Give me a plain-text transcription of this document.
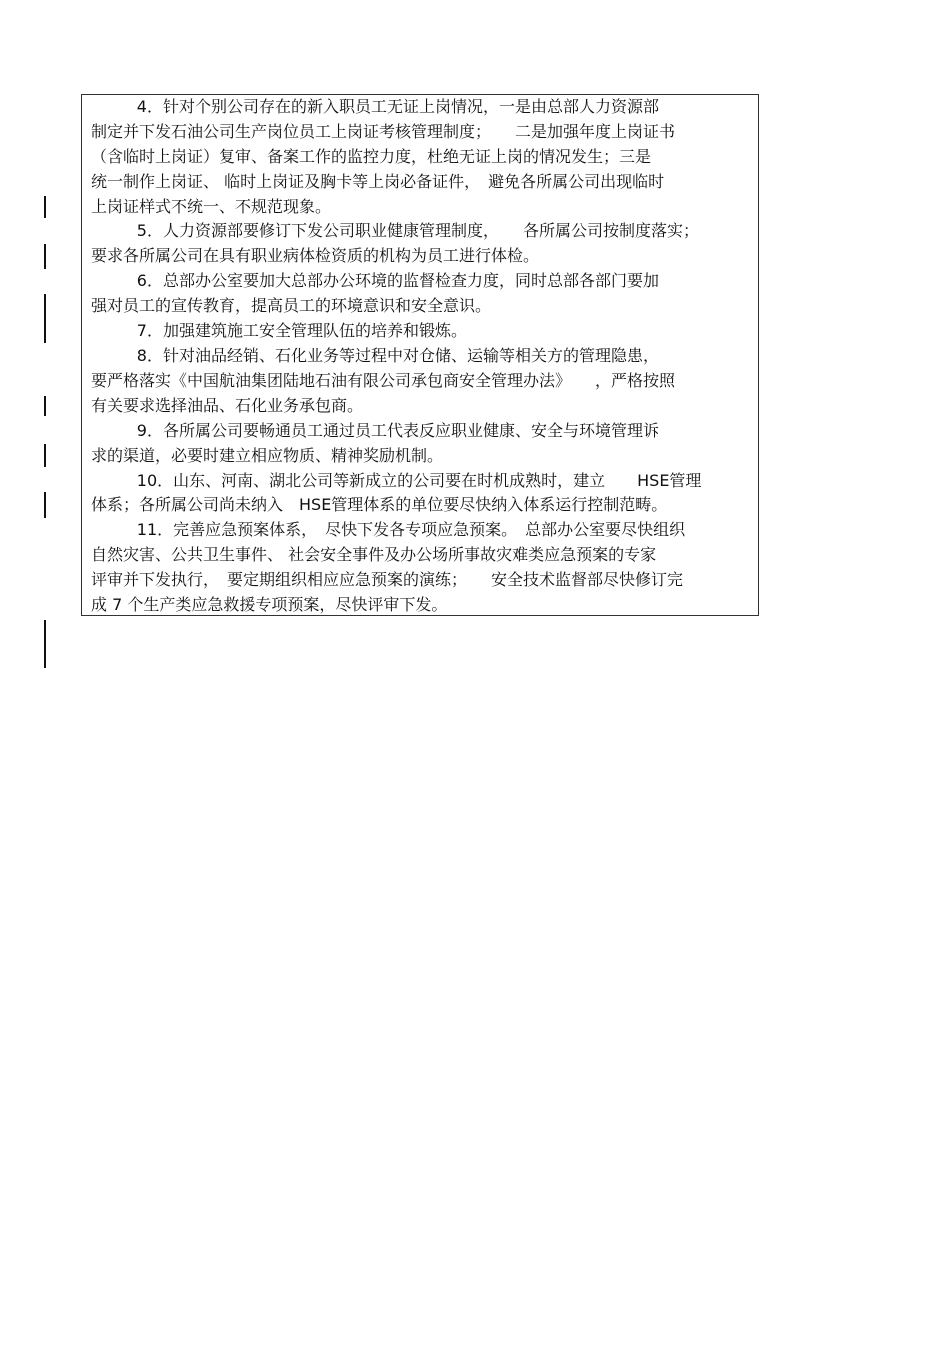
4．针对个别公司存在的新入职员工无证上岗情况，一是由总部人力资源部
制定并下发石油公司生产岗位员工上岗证考核管理制度；　　二是加强年度上岗证书
（含临时上岗证）复审、备案工作的监控力度，杜绝无证上岗的情况发生；三是
统一制作上岗证、 临时上岗证及胸卡等上岗必备证件，　避免各所属公司出现临时
上岗证样式不统一、不规范现象。
5．人力资源部要修订下发公司职业健康管理制度，　　各所属公司按制度落实；
要求各所属公司在具有职业病体检资质的机构为员工进行体检。
6．总部办公室要加大总部办公环境的监督检查力度，同时总部各部门要加
强对员工的宣传教育，提高员工的环境意识和安全意识。
7．加强建筑施工安全管理队伍的培养和锻炼。
8．针对油品经销、石化业务等过程中对仓储、运输等相关方的管理隐患，
要严格落实《中国航油集团陆地石油有限公司承包商安全管理办法》　　，严格按照
有关要求选择油品、石化业务承包商。
9．各所属公司要畅通员工通过员工代表反应职业健康、安全与环境管理诉
求的渠道，必要时建立相应物质、精神奖励机制。
10．山东、河南、湖北公司等新成立的公司要在时机成熟时，建立　　HSE管理
体系；各所属公司尚未纳入　HSE管理体系的单位要尽快纳入体系运行控制范畴。
11．完善应急预案体系，　尽快下发各专项应急预案。　总部办公室要尽快组织
自然灾害、公共卫生事件、 社会安全事件及办公场所事故灾难类应急预案的专家
评审并下发执行，　要定期组织相应应急预案的演练；　　安全技术监督部尽快修订完
成 7 个生产类应急救援专项预案，尽快评审下发。
